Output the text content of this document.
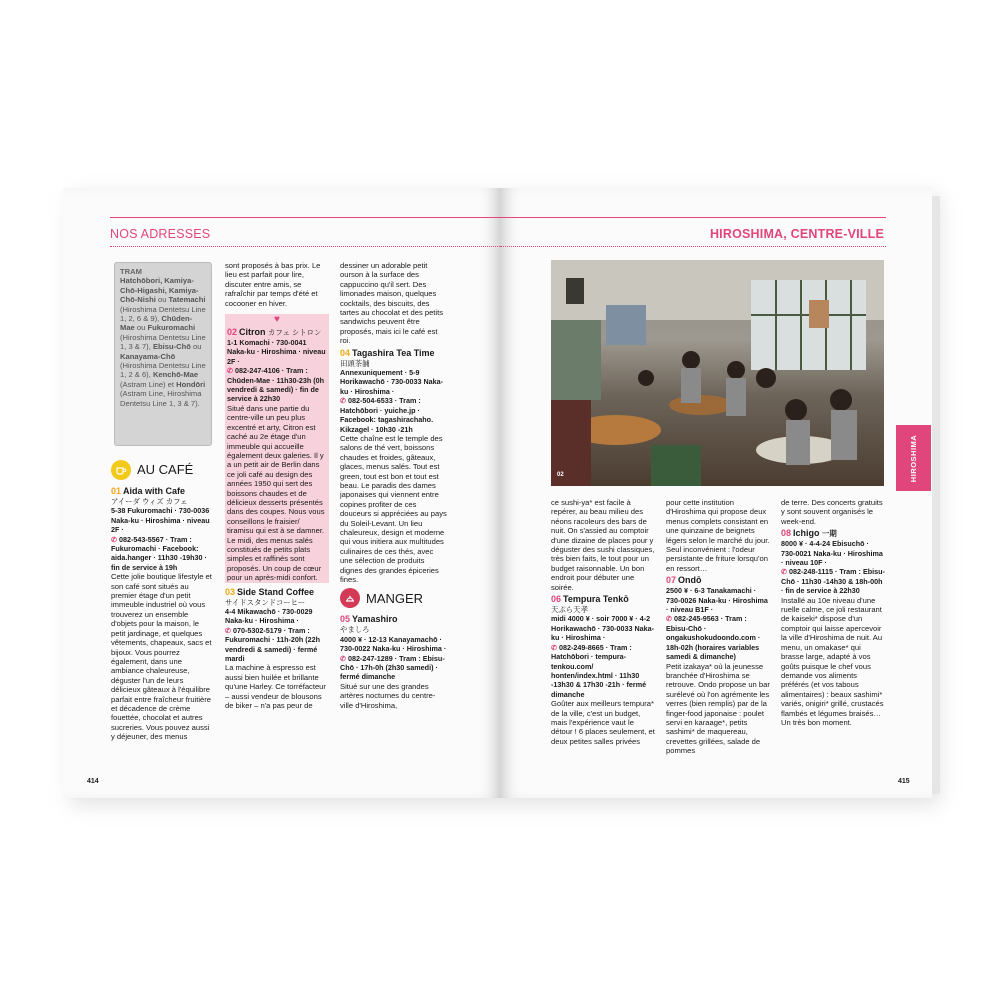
NOS ADRESSES
TRAM
Hatchōbori, Kamiya-Chō-Higashi, Kamiya-Chō-Nishi ou Tatemachi (Hiroshima Dentetsu Line 1, 2, 6 & 9), Chūden-Mae ou Fukuromachi (Hiroshima Dentetsu Line 1, 3 & 7), Ebisu-Chō ou Kanayama-Chō (Hiroshima Dentetsu Line 1, 2 & 6), Kenchō-Mae (Astram Line) et Hondōri (Astram Line, Hiroshima Dentetsu Line 1, 3 & 7).
AU CAFÉ
01 Aida with Cafe

アイーダ ウィズ カフェ

5-38 Fukuromachi · 730-0036 Naka-ku · Hiroshima · niveau 2F ·

✆ 082-543-5567 · Tram : Fukuromachi · Facebook: aida.hanger · 11h30 -19h30 · fin de service à 19h

Cette jolie boutique lifestyle et son café sont situés au premier étage d'un petit immeuble industriel où vous trouverez un ensemble d'objets pour la maison, le petit jardinage, et quelques vêtements, chapeaux, sacs et bijoux. Vous pourrez également, dans une ambiance chaleureuse, déguster l'un de leurs délicieux gâteaux à l'équilibre parfait entre fraîcheur fruitière et décadence de crème fouettée, chocolat et autres sucreries. Vous pouvez aussi y déjeuner, des menus

sont proposés à bas prix. Le lieu est parfait pour lire, discuter entre amis, se rafraîchir par temps d'été et cocooner en hiver.

♥
02 Citron カフェ シトロン

1-1 Komachi · 730-0041 Naka-ku · Hiroshima · niveau 2F ·

✆ 082-247-4106 · Tram : Chūden-Mae · 11h30-23h (0h vendredi & samedi) · fin de service à 22h30

Situé dans une partie du centre-ville un peu plus excentré et arty, Citron est caché au 2e étage d'un immeuble qui accueille également deux galeries. Il y a un petit air de Berlin dans ce joli café au design des années 1950 qui sert des boissons chaudes et de délicieux desserts présentés dans des coupes. Nous vous conseillons le fraisier/ tiramisu qui est à se damner. Le midi, des menus salés constitués de petits plats simples et raffinés sont proposés. Un coup de cœur pour un après-midi confort.

03 Side Stand Coffee

サイドスタンドコーヒー

4-4 Mikawachō · 730-0029 Naka-ku · Hiroshima ·

✆ 070-5302-5179 · Tram : Fukuromachi · 11h-20h (22h vendredi & samedi) · fermé mardi

La machine à espresso est aussi bien huilée et brillante qu'une Harley. Ce torréfacteur – aussi vendeur de blousons de biker – n'a pas peur de

dessiner un adorable petit ourson à la surface des cappuccino qu'il sert. Des limonades maison, quelques cocktails, des biscuits, des tartes au chocolat et des petits sandwichs peuvent être proposés, mais ici le café est roi.

04 Tagashira Tea Time

田頭茶舗

Annexuniquement · 5-9 Horikawachō · 730-0033 Naka-ku · Hiroshima ·

✆ 082-504-6533 · Tram : Hatchōbori · yuiche.jp · Facebook: tagashirachaho. Kikzagel · 10h30 -21h

Cette chaîne est le temple des salons de thé vert, boissons chaudes et froides, gâteaux, glaces, menus salés. Tout est green, tout est bon et tout est beau. Le paradis des dames japonaises qui viennent entre copines profiter de ces douceurs si appréciées au pays du Soleil-Levant. Un lieu chaleureux, design et moderne qui vous initiera aux multitudes culinaires de ces thés, avec une sélection de produits dignes des grandes épiceries fines.

MANGER
05 Yamashiro

やましろ

4000 ¥ · 12-13 Kanayamachō · 730-0022 Naka-ku · Hiroshima ·

✆ 082-247-1289 · Tram : Ebisu-Chō · 17h-0h (2h30 samedi) · fermé dimanche

Situé sur une des grandes artères nocturnes du centre-ville d'Hiroshima,

414
HIROSHIMA, CENTRE-VILLE
02

ce sushi-ya* est facile à repérer, au beau milieu des néons racoleurs des bars de nuit. On s'assied au comptoir d'une dizaine de places pour y déguster des sushi classiques, très bien faits, le tout pour un budget raisonnable. Un bon endroit pour débuter une soirée.

06 Tempura Tenkō

天ぷら天孝

midi 4000 ¥ · soir 7000 ¥ · 4-2 Horikawachō · 730-0033 Naka-ku · Hiroshima ·

✆ 082-249-8665 · Tram : Hatchōbori · tempura-tenkou.com/ honten/index.html · 11h30 -13h30 & 17h30 -21h · fermé dimanche

Goûter aux meilleurs tempura* de la ville, c'est un budget, mais l'expérience vaut le détour ! 6 places seulement, et deux petites salles privées

pour cette institution d'Hiroshima qui propose deux menus complets consistant en une quinzaine de beignets légers selon le marché du jour. Seul inconvénient : l'odeur persistante de friture lorsqu'on en ressort…

07 Ondō

2500 ¥ · 6-3 Tanakamachi · 730-0026 Naka-ku · Hiroshima · niveau B1F ·

✆ 082-245-9563 · Tram : Ebisu-Chō · ongakushokudoondo.com · 18h-02h (horaires variables samedi & dimanche)

Petit izakaya* où la jeunesse branchée d'Hiroshima se retrouve. Ondo propose un bar surélevé où l'on agrémente les verres (bien remplis) par de la finger-food japonaise : poulet servi en karaage*, petits sashimi* de maquereau, crevettes grillées, salade de pommes

de terre. Des concerts gratuits y sont souvent organisés le week-end.

08 Ichigo 一期

8000 ¥ · 4-4-24 Ebisuchō · 730-0021 Naka-ku · Hiroshima · niveau 10F ·

✆ 082-248-1115 · Tram : Ebisu-Chō · 11h30 -14h30 & 18h-00h · fin de service à 22h30

Installé au 10e niveau d'une ruelle calme, ce joli restaurant de kaiseki* dispose d'un comptoir qui laisse apercevoir la ville d'Hiroshima de nuit. Au menu, un omakase* qui brasse large, adapté à vos goûts puisque le chef vous demande vos aliments préférés (et vos tabous alimentaires) : beaux sashimi* variés, onigiri* grillé, crustacés flambés et légumes braisés… Un très bon moment.

415
HIROSHIMA
